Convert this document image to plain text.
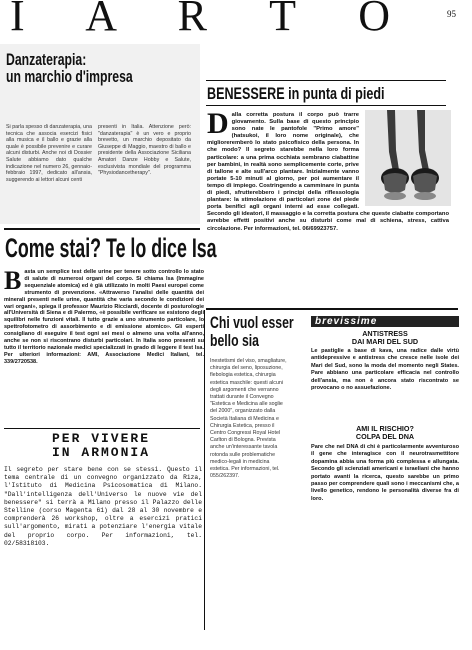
I A R T O	95
Danzaterapia:
un marchio d'impresa
Si parla spesso di danzaterapia, una tecnica che associa esercizi fisici alla musica e il ballo e grazie alla quale è possibile prevenire e curare alcuni disturbi. Anche noi di Dossier Salute abbiamo dato qualche indicazione nel numero 26, gennaio-febbraio 1997, dedicato all'ansia, suggerendo ai lettori alcuni centi
presenti in Italia. Attenzione però: "danzaterapia" è un vero e proprio brevetto, un marchio depositato da Giuseppe di Maggio, maestro di ballo e presidente della Associazione Siciliana Amatori Danze Hobby e Salute, esclusivista mondiale del programma "Physiodancetherapy".
BENESSERE in punta di piedi
D alla corretta postura il corpo può trarre giovamento. Sulla base di questo principio sono nate le pantofole "Primo amore" (hatsukoi, il loro nome originale), che miglioreremberò lo stato psicofisico della persona. In che modo? Il segreto starebbe nella loro forma particolare: a una prima occhiata sembrano ciabattine per bambini, in realtà sono semplicemente corte, prive di tallone e alte sull'arco plantare. Inizialmente vanno portate 5-10 minuti al giorno, per poi aumentare il tempo di impiego. Costringendo a camminare in punta di piedi, sfrutterebbero i principi della riflessologia plantare: la stimolazione di particolari zone del piede porta benifici agli organi interni ad esse collegati. Secondo gli ideatori, il massaggio e la corretta postura che queste ciabatte comportano avrebbe effetti positivi anche su disturbi come mal di schiena, stress, cattiva circolazione. Per informazioni, tel. 06/69923757.
Come stai? Te lo dice Isa
B asta un semplice test delle urine per tenere sotto controllo lo stato di salute di numerosi organi del corpo. Si chiama Isa (Immagine sequenziale atomica) ed è già utilizzato in molti Paesi europei come strumento di prevenzione. «Attraverso l'analisi delle quantità dei minerali presenti nelle urine, quantità che varia secondo le condizioni dei vari organi», spiega il professor Maurizio Ricciardi, docente di posturologie all'Università di Siena e di Palermo, «è possibile verificare se esistono degli squilibri nelle funzioni vitali. Il tutto grazie a uno strumento particolare, lo spettrofotometro di assorbimento e di emissione atomico». Gli esperti consigliano di eseguire il test ogni sei mesi o almeno una volta all'anno, anche se non si riscontrano disturbi particolari. In Italia sono presenti su tutto il territorio nazionale medici specializzati in grado di leggere il test Isa. Per ulteriori informazioni: AMI, Associazione Medici Italiani, tel. 339/2720538.
PER VIVERE
IN ARMONIA
Il segreto per stare bene con se stessi. Questo il tema centrale di un convegno organizzato da Riza, l'Istituto di Medicina Psicosomatica di Milano. "Dall'intelligenza dell'Universo le nuove vie del benessere" si terrà a Milano presso il Palazzo delle Stelline (corso Magenta 61) dal 28 al 30 novembre e comprenderà 26 workshop, oltre a esercizi pratici sull'argomento, mirati a potenziare l'energia vitale del proprio corpo. Per informazioni, tel. 02/58318103.
Chi vuol esser
bello sia
Inestetismi del viso, smagliature, chirurgia del seno, liposuzione, flebologia estetica, chirurgia estetica maschile: questi alcuni degli argomenti che verranno trattati durante il Convegno "Estetica e Medicina alle soglie del 2000", organizzato dalla Società Italiana di Medicina e Chirurgia Estetica, presso il Centro Congressi Royal Hotel Carlton di Bologna. Prevista anche un'interessante tavola rotonda sulle problematiche medico-legali in medicina estetica. Per informazioni, tel. 055/262397.
brevissime
ANTISTRESS
DAI MARI DEL SUD
Le pastiglie a base di kava, una radice dalle virtù antidepressive e antistress che cresce nelle isole dei Mari del Sud, sono la moda del momento negli States. Pare abbiano una particolare efficacia nel controllo dell'ansia, ma non è ancora stato riscontrato se provocano o no assuefazione.
AMI IL RISCHIO?
COLPA DEL DNA
Pare che nel DNA di chi è particolarmente avventuroso il gene che interagisce con il neurotrasmettitore dopamina abbia una forma più complessa e allungata. Secondo gli scienziati americani e israeliani che hanno portato avanti la ricerca, questo sarebbe un primo passo per comprendere quali sono i meccanismi che, a livello genetico, rendono le personalità diverse fra di loro.
